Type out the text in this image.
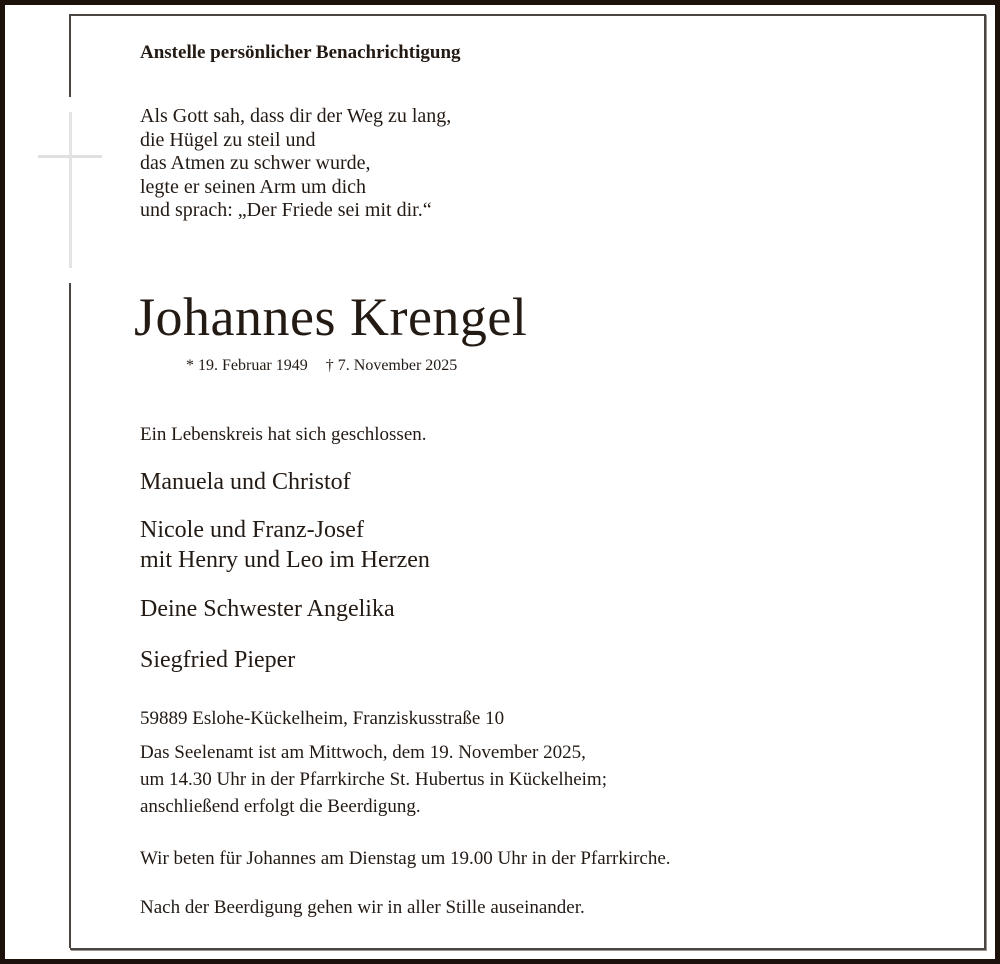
Anstelle persönlicher Benachrichtigung
Als Gott sah, dass dir der Weg zu lang,
die Hügel zu steil und
das Atmen zu schwer wurde,
legte er seinen Arm um dich
und sprach: „Der Friede sei mit dir.“
Johannes Krengel
* 19. Februar 1949 † 7. November 2025
Ein Lebenskreis hat sich geschlossen.
Manuela und Christof
Nicole und Franz-Josef
mit Henry und Leo im Herzen
Deine Schwester Angelika
Siegfried Pieper
59889 Eslohe-Kückelheim, Franziskusstraße 10
Das Seelenamt ist am Mittwoch, dem 19. November 2025,
um 14.30 Uhr in der Pfarrkirche St. Hubertus in Kückelheim;
anschließend erfolgt die Beerdigung.
Wir beten für Johannes am Dienstag um 19.00 Uhr in der Pfarrkirche.
Nach der Beerdigung gehen wir in aller Stille auseinander.
